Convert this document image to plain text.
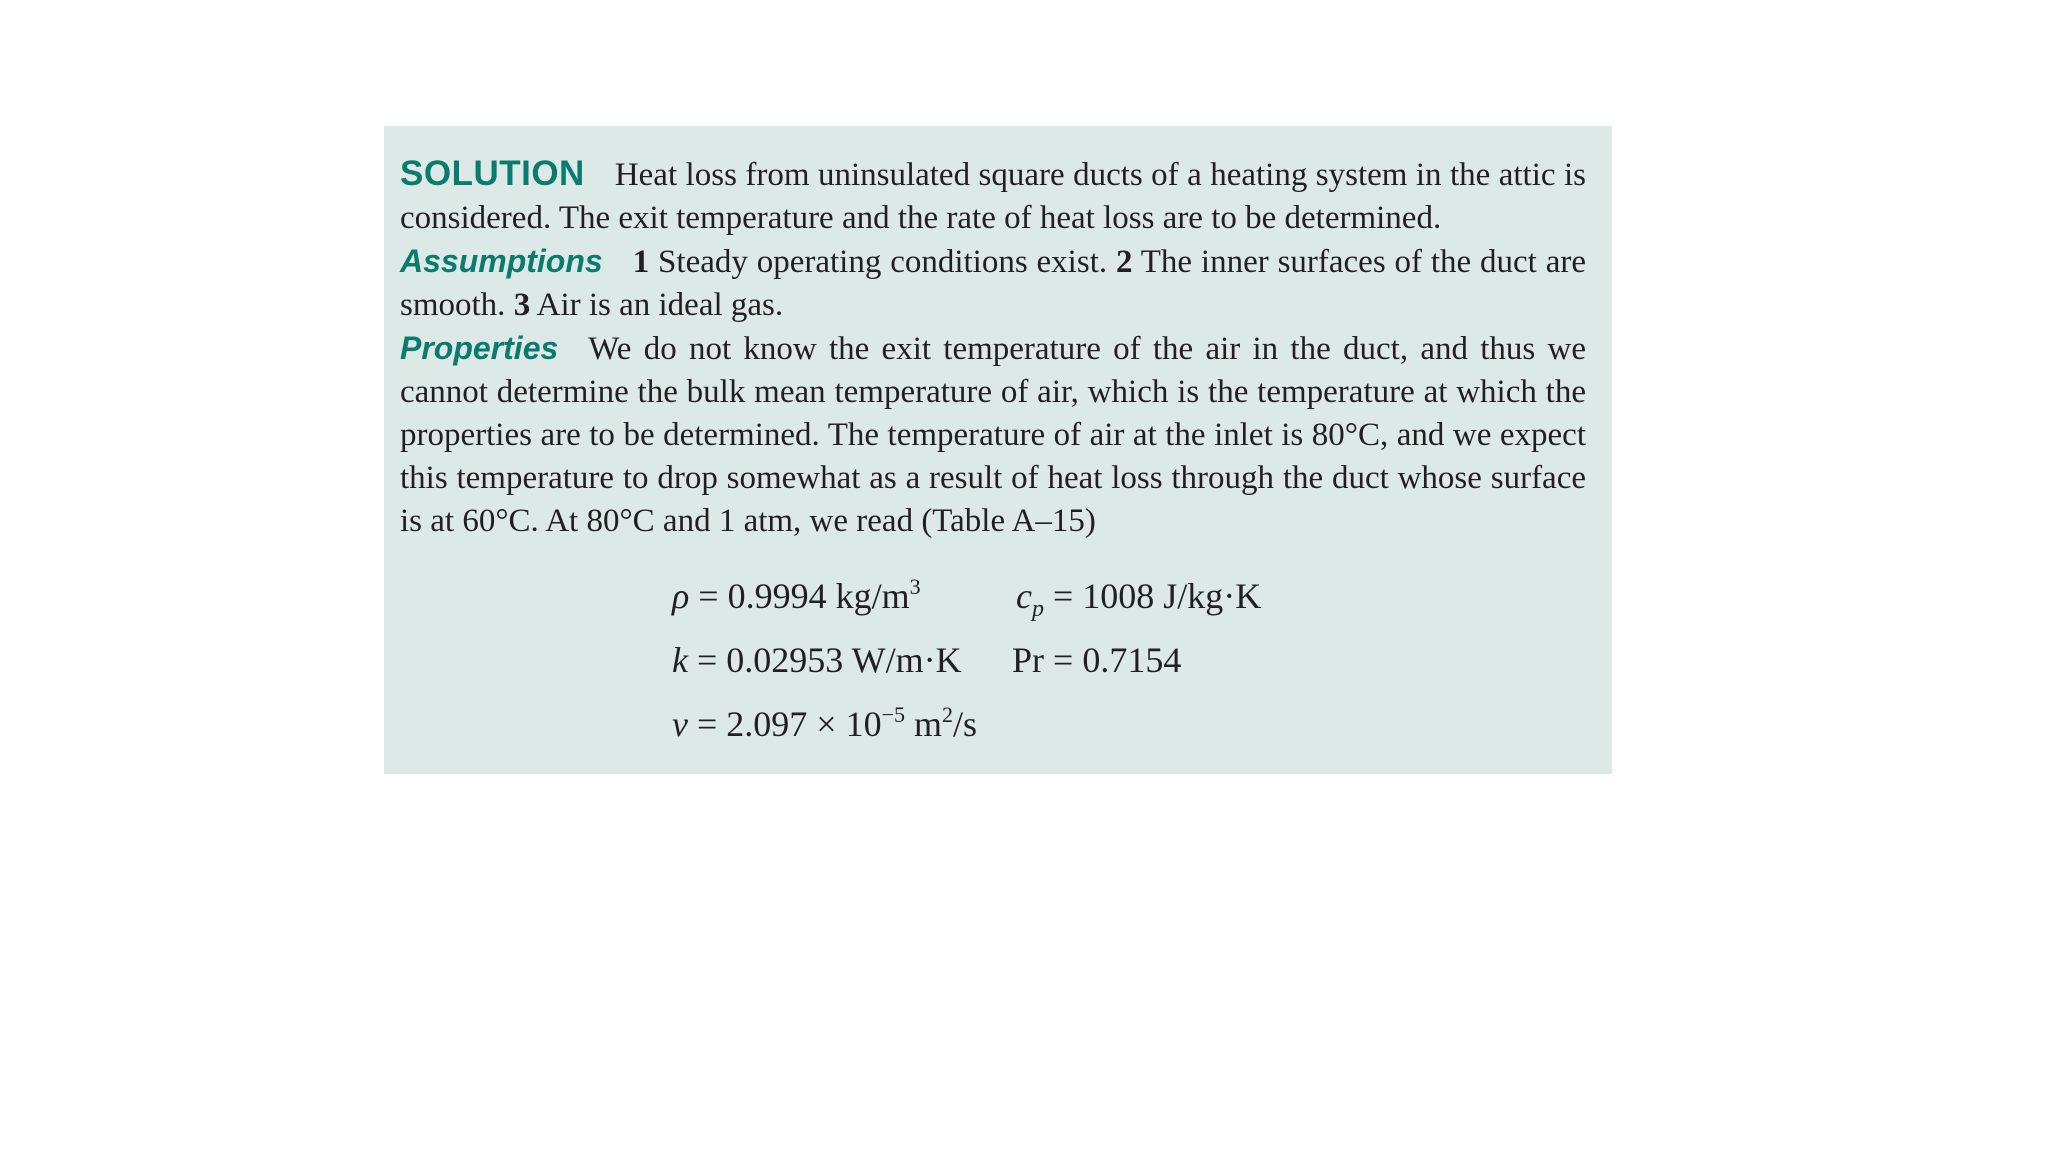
SOLUTION Heat loss from uninsulated square ducts of a heating system in the attic is considered. The exit temperature and the rate of heat loss are to be determined.

Assumptions 1 Steady operating conditions exist. 2 The inner surfaces of the duct are smooth. 3 Air is an ideal gas.

Properties We do not know the exit temperature of the air in the duct, and thus we cannot determine the bulk mean temperature of air, which is the temperature at which the properties are to be determined. The temperature of air at the inlet is 80°C, and we expect this temperature to drop somewhat as a result of heat loss through the duct whose surface is at 60°C. At 80°C and 1 atm, we read (Table A–15)

ρ = 0.9994 $kg/m^3$	$c_p = 1008$ J/kg·K
k = 0.02953 W/m·K Pr = 0.7154
$\nu = 2.097 \times 10^{-5}$ $m^2/s$
